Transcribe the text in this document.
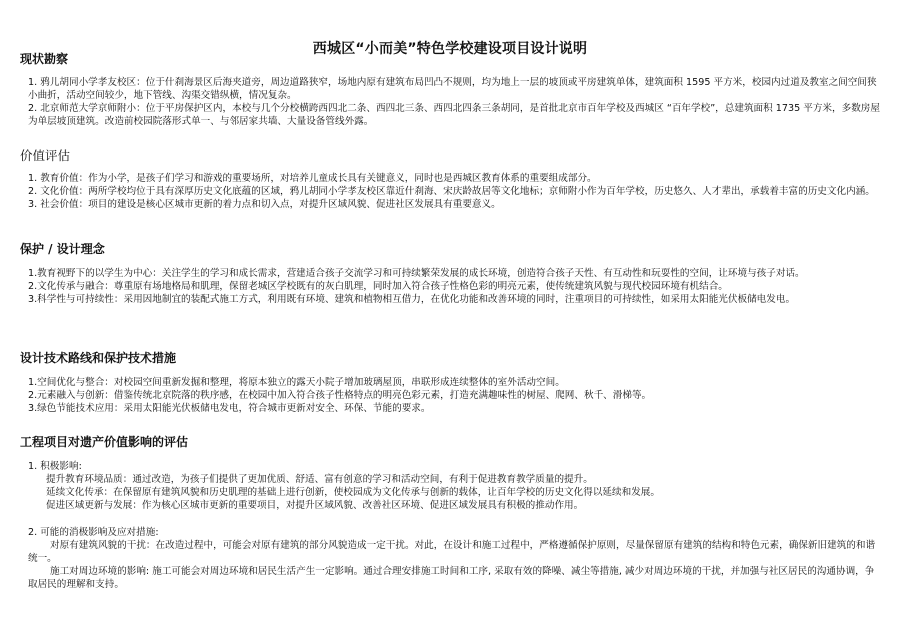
西城区“小而美”特色学校建设项目设计说明
现状勘察

1. 鸦儿胡同小学孝友校区：位于什刹海景区后海夹道旁，周边道路狭窄，场地内原有建筑布局凹凸不规则，均为地上一层的坡顶或平房建筑单体，建筑面积 1595 平方米，校园内过道及教室之间空间狭小曲折，活动空间较少，地下管线、沟渠交错纵横，情况复杂。

2. 北京师范大学京师附小：位于平房保护区内，本校与几个分校横跨西四北二条、西四北三条、西四北四条三条胡同，是首批北京市百年学校及西城区 “百年学校”，总建筑面积 1735 平方米，多数房屋为单层坡顶建筑。改造前校园院落形式单一、与邻居家共墙、大量设备管线外露。

价值评估

1. 教育价值：作为小学，是孩子们学习和游戏的重要场所，对培养儿童成长具有关键意义，同时也是西城区教育体系的重要组成部分。

2. 文化价值：两所学校均位于具有深厚历史文化底蕴的区域，鸦儿胡同小学孝友校区靠近什刹海、宋庆龄故居等文化地标；京师附小作为百年学校，历史悠久、人才辈出，承载着丰富的历史文化内涵。

3. 社会价值：项目的建设是核心区城市更新的着力点和切入点，对提升区域风貌、促进社区发展具有重要意义。

保护 / 设计理念

1.教育视野下的以学生为中心：关注学生的学习和成长需求，营建适合孩子交流学习和可持续繁荣发展的成长环境，创造符合孩子天性、有互动性和玩耍性的空间，让环境与孩子对话。

2.文化传承与融合：尊重原有场地格局和肌理，保留老城区学校既有的灰白肌理，同时加入符合孩子性格色彩的明亮元素，使传统建筑风貌与现代校园环境有机结合。

3.科学性与可持续性：采用因地制宜的装配式施工方式，利用既有环境、建筑和植物相互借力，在优化功能和改善环境的同时，注重项目的可持续性，如采用太阳能光伏板储电发电。

设计技术路线和保护技术措施

1.空间优化与整合：对校园空间重新发掘和整理，将原本独立的露天小院子增加玻璃屋顶，串联形成连续整体的室外活动空间。

2.元素融入与创新：借鉴传统北京院落的秩序感，在校园中加入符合孩子性格特点的明亮色彩元素，打造充满趣味性的树屋、爬网、秋千、滑梯等。

3.绿色节能技术应用：采用太阳能光伏板储电发电，符合城市更新对安全、环保、节能的要求。

工程项目对遗产价值影响的评估

1. 积极影响:

提升教育环境品质：通过改造，为孩子们提供了更加优质、舒适、富有创意的学习和活动空间，有利于促进教育教学质量的提升。

延续文化传承：在保留原有建筑风貌和历史肌理的基础上进行创新，使校园成为文化传承与创新的载体，让百年学校的历史文化得以延续和发展。

促进区域更新与发展：作为核心区城市更新的重要项目，对提升区域风貌、改善社区环境、促进区域发展具有积极的推动作用。

2. 可能的消极影响及应对措施:

对原有建筑风貌的干扰：在改造过程中，可能会对原有建筑的部分风貌造成一定干扰。对此，在设计和施工过程中，严格遵循保护原则，尽量保留原有建筑的结构和特色元素，确保新旧建筑的和谐统一。

施工对周边环境的影响: 施工可能会对周边环境和居民生活产生一定影响。通过合理安排施工时间和工序, 采取有效的降噪、减尘等措施, 减少对周边环境的干扰，并加强与社区居民的沟通协调，争取居民的理解和支持。
